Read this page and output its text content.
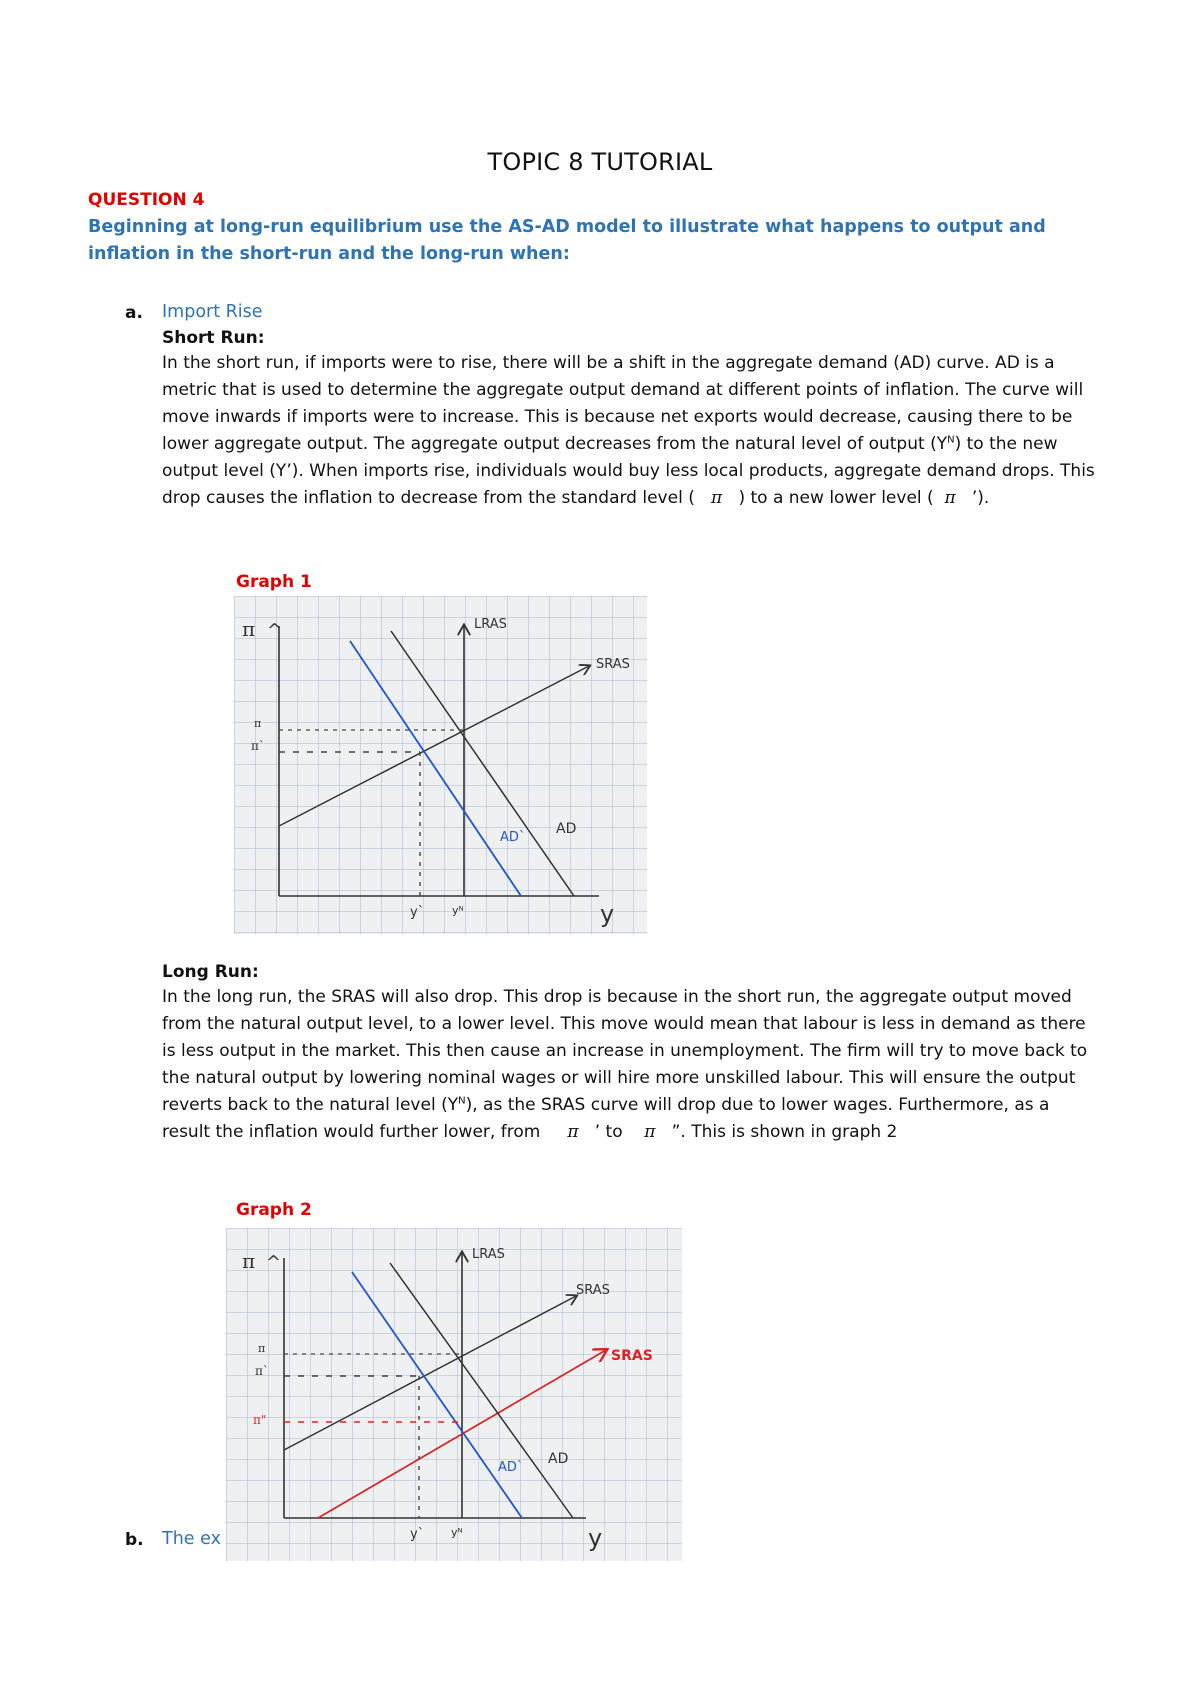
TOPIC 8 TUTORIAL
QUESTION 4
Beginning at long-run equilibrium use the AS-AD model to illustrate what happens to output and inflation in the short-run and the long-run when:
a. Import Rise
Short Run:
In the short run, if imports were to rise, there will be a shift in the aggregate demand (AD) curve. AD is a metric that is used to determine the aggregate output demand at different points of inflation. The curve will move inwards if imports were to increase. This is because net exports would decrease, causing there to be lower aggregate output. The aggregate output decreases from the natural level of output $(Y^N)$ to the new output level (Y’). When imports rise, individuals would buy less local products, aggregate demand drops. This drop causes the inflation to decrease from the standard level ( π ) to a new lower level ( π ’).
Graph 1
π ^	LRAS
SRAS
AD
AD`
π
π`
y`	yᴺ	y
Long Run:
In the long run, the SRAS will also drop. This drop is because in the short run, the aggregate output moved from the natural output level, to a lower level. This move would mean that labour is less in demand as there is less output in the market. This then cause an increase in unemployment. The firm will try to move back to the natural output by lowering nominal wages or will hire more unskilled labour. This will ensure the output reverts back to the natural level $(Y^N)$, as the SRAS curve will drop due to lower wages. Furthermore, as a result the inflation would further lower, from π ’ to π ”. This is shown in graph 2
Graph 2
b. The ex
π ^	LRAS
SRAS
SRAS
AD
AD`
π
π`
π"
y` yᴺ	y
